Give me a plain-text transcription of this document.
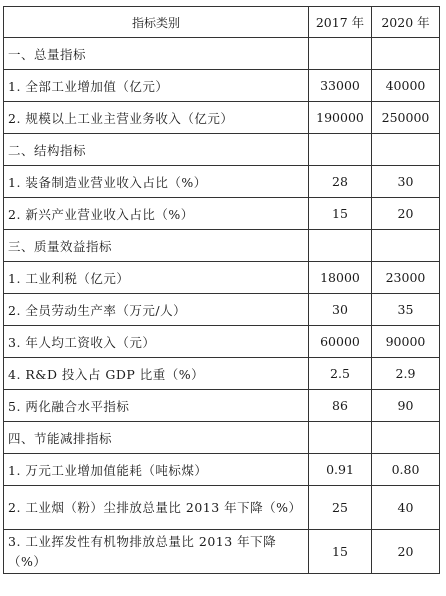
指标类别	2017 年	2020 年
一、总量指标		
1. 全部工业增加值（亿元）	33000	40000
2. 规模以上工业主营业务收入（亿元）	190000	250000
二、结构指标		
1. 装备制造业营业收入占比（%）	28	30
2. 新兴产业营业收入占比（%）	15	20
三、质量效益指标		
1. 工业利税（亿元）	18000	23000
2. 全员劳动生产率（万元/人）	30	35
3. 年人均工资收入（元）	60000	90000
4. R&D 投入占 GDP 比重（%）	2.5	2.9
5. 两化融合水平指标	86	90
四、节能减排指标		
1. 万元工业增加值能耗（吨标煤）	0.91	0.80
2. 工业烟（粉）尘排放总量比 2013 年下降（%）	25	40
3. 工业挥发性有机物排放总量比 2013 年下降（%）	15	20
